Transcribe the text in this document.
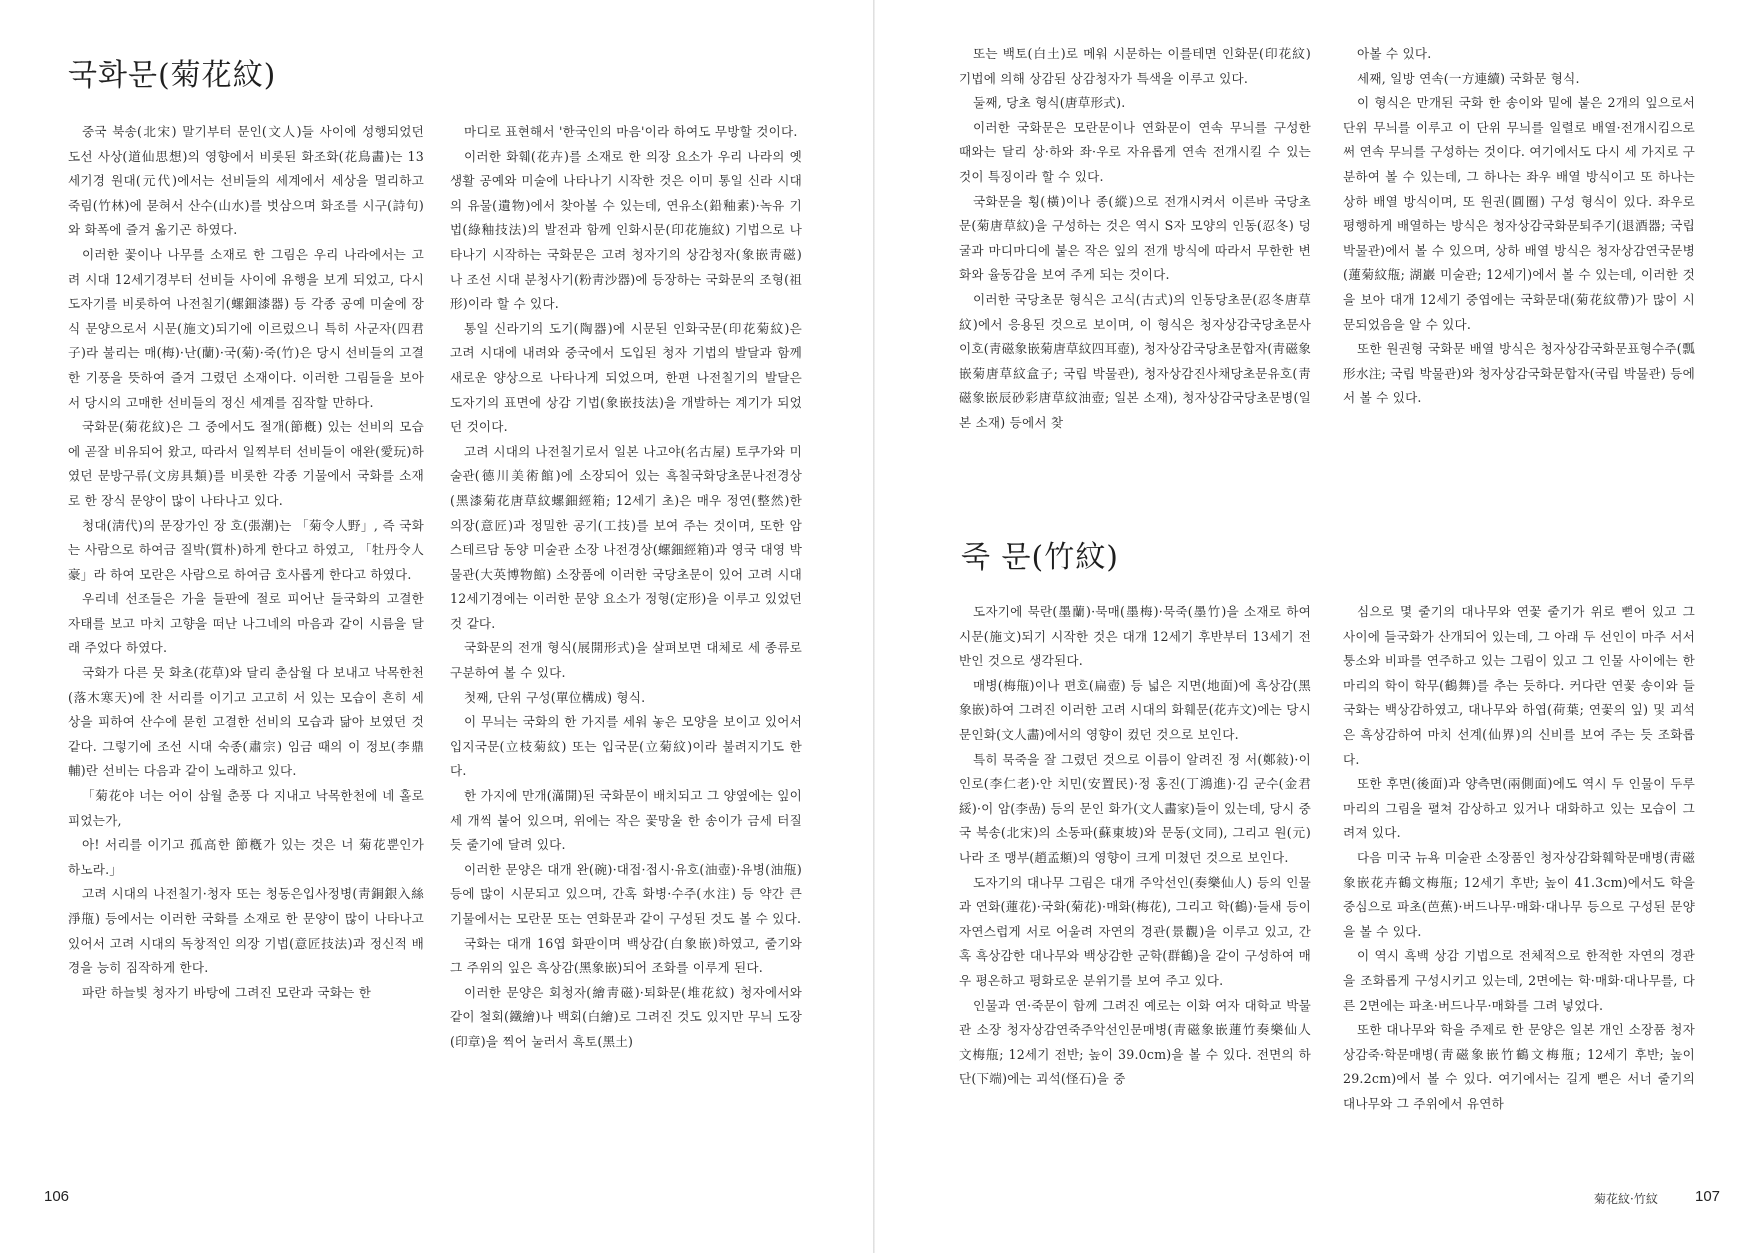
국화문(菊花紋)

중국 북송(北宋) 말기부터 문인(文人)들 사이에 성행되었던 도선 사상(道仙思想)의 영향에서 비롯된 화조화(花鳥畵)는 13세기경 원대(元代)에서는 선비들의 세계에서 세상을 멀리하고 죽림(竹林)에 묻혀서 산수(山水)를 벗삼으며 화조를 시구(詩句)와 화폭에 즐겨 옮기곤 하였다.

이러한 꽃이나 나무를 소재로 한 그림은 우리 나라에서는 고려 시대 12세기경부터 선비들 사이에 유행을 보게 되었고, 다시 도자기를 비롯하여 나전칠기(螺鈿漆器) 등 각종 공예 미술에 장식 문양으로서 시문(施文)되기에 이르렀으니 특히 사군자(四君子)라 불리는 매(梅)·난(蘭)·국(菊)·죽(竹)은 당시 선비들의 고결한 기풍을 뜻하여 즐겨 그렸던 소재이다. 이러한 그림들을 보아서 당시의 고매한 선비들의 정신 세계를 짐작할 만하다.

국화문(菊花紋)은 그 중에서도 절개(節槪) 있는 선비의 모습에 곧잘 비유되어 왔고, 따라서 일찍부터 선비들이 애완(愛玩)하였던 문방구류(文房具類)를 비롯한 각종 기물에서 국화를 소재로 한 장식 문양이 많이 나타나고 있다.

청대(淸代)의 문장가인 장 호(張潮)는 「菊令人野」, 즉 국화는 사람으로 하여금 질박(質朴)하게 한다고 하였고, 「牡丹令人豪」라 하여 모란은 사람으로 하여금 호사롭게 한다고 하였다.

우리네 선조들은 가을 들판에 절로 피어난 들국화의 고결한 자태를 보고 마치 고향을 떠난 나그네의 마음과 같이 시름을 달래 주었다 하였다.

국화가 다른 뭇 화초(花草)와 달리 춘삼월 다 보내고 낙목한천(落木寒天)에 찬 서리를 이기고 고고히 서 있는 모습이 흔히 세상을 피하여 산수에 묻힌 고결한 선비의 모습과 닮아 보였던 것 같다. 그렇기에 조선 시대 숙종(肅宗) 임금 때의 이 정보(李鼎輔)란 선비는 다음과 같이 노래하고 있다.

「菊花야 너는 어이 삼월 춘풍 다 지내고 낙목한천에 네 홀로 피었는가,

아! 서리를 이기고 孤高한 節槪가 있는 것은 너 菊花뿐인가 하노라.」

고려 시대의 나전칠기·청자 또는 청동은입사정병(靑銅銀入絲淨甁) 등에서는 이러한 국화를 소재로 한 문양이 많이 나타나고 있어서 고려 시대의 독창적인 의장 기법(意匠技法)과 정신적 배경을 능히 짐작하게 한다.

파란 하늘빛 청자기 바탕에 그려진 모란과 국화는 한

마디로 표현해서 '한국인의 마음'이라 하여도 무방할 것이다.

이러한 화훼(花卉)를 소재로 한 의장 요소가 우리 나라의 옛 생활 공예와 미술에 나타나기 시작한 것은 이미 통일 신라 시대의 유물(遺物)에서 찾아볼 수 있는데, 연유소(鉛釉素)·녹유 기법(綠釉技法)의 발전과 함께 인화시문(印花施紋) 기법으로 나타나기 시작하는 국화문은 고려 청자기의 상감청자(象嵌靑磁)나 조선 시대 분청사기(粉靑沙器)에 등장하는 국화문의 조형(祖形)이라 할 수 있다.

통일 신라기의 도기(陶器)에 시문된 인화국문(印花菊紋)은 고려 시대에 내려와 중국에서 도입된 청자 기법의 발달과 함께 새로운 양상으로 나타나게 되었으며, 한편 나전칠기의 발달은 도자기의 표면에 상감 기법(象嵌技法)을 개발하는 계기가 되었던 것이다.

고려 시대의 나전칠기로서 일본 나고야(名古屋) 토쿠가와 미술관(德川美術館)에 소장되어 있는 흑칠국화당초문나전경상(黑漆菊花唐草紋螺鈿經箱; 12세기 초)은 매우 정연(整然)한 의장(意匠)과 정밀한 공기(工技)를 보여 주는 것이며, 또한 암스테르담 동양 미술관 소장 나전경상(螺鈿經箱)과 영국 대영 박물관(大英博物館) 소장품에 이러한 국당초문이 있어 고려 시대 12세기경에는 이러한 문양 요소가 정형(定形)을 이루고 있었던 것 같다.

국화문의 전개 형식(展開形式)을 살펴보면 대체로 세 종류로 구분하여 볼 수 있다.

첫째, 단위 구성(單位構成) 형식.

이 무늬는 국화의 한 가지를 세워 놓은 모양을 보이고 있어서 입지국문(立枝菊紋) 또는 입국문(立菊紋)이라 불려지기도 한다.

한 가지에 만개(滿開)된 국화문이 배치되고 그 양옆에는 잎이 세 개씩 붙어 있으며, 위에는 작은 꽃망울 한 송이가 금세 터질 듯 줄기에 달려 있다.

이러한 문양은 대개 완(碗)·대접·접시·유호(油壺)·유병(油甁) 등에 많이 시문되고 있으며, 간혹 화병·수주(水注) 등 약간 큰 기물에서는 모란문 또는 연화문과 같이 구성된 것도 볼 수 있다.

국화는 대개 16엽 화판이며 백상감(白象嵌)하였고, 줄기와 그 주위의 잎은 흑상감(黑象嵌)되어 조화를 이루게 된다.

이러한 문양은 회청자(繪靑磁)·퇴화문(堆花紋) 청자에서와 같이 철회(鐵繪)나 백회(白繪)로 그려진 것도 있지만 무늬 도장(印章)을 찍어 눌러서 흑토(黑土)

106

또는 백토(白土)로 메워 시문하는 이를테면 인화문(印花紋) 기법에 의해 상감된 상감청자가 특색을 이루고 있다.

둘째, 당초 형식(唐草形式).

이러한 국화문은 모란문이나 연화문이 연속 무늬를 구성한 때와는 달리 상·하와 좌·우로 자유롭게 연속 전개시킬 수 있는 것이 특징이라 할 수 있다.

국화문을 횡(橫)이나 종(縱)으로 전개시켜서 이른바 국당초문(菊唐草紋)을 구성하는 것은 역시 S자 모양의 인동(忍冬) 덩굴과 마디마디에 붙은 작은 잎의 전개 방식에 따라서 무한한 변화와 율동감을 보여 주게 되는 것이다.

이러한 국당초문 형식은 고식(古式)의 인동당초문(忍冬唐草紋)에서 응용된 것으로 보이며, 이 형식은 청자상감국당초문사이호(靑磁象嵌菊唐草紋四耳壺), 청자상감국당초문합자(靑磁象嵌菊唐草紋盒子; 국립 박물관), 청자상감진사채당초문유호(靑磁象嵌辰砂彩唐草紋油壺; 일본 소재), 청자상감국당초문병(일본 소재) 등에서 찾

아볼 수 있다.

세째, 일방 연속(一方連續) 국화문 형식.

이 형식은 만개된 국화 한 송이와 밑에 붙은 2개의 잎으로서 단위 무늬를 이루고 이 단위 무늬를 일렬로 배열·전개시킴으로써 연속 무늬를 구성하는 것이다. 여기에서도 다시 세 가지로 구분하여 볼 수 있는데, 그 하나는 좌우 배열 방식이고 또 하나는 상하 배열 방식이며, 또 원권(圓圈) 구성 형식이 있다. 좌우로 평행하게 배열하는 방식은 청자상감국화문퇴주기(退酒器; 국립 박물관)에서 볼 수 있으며, 상하 배열 방식은 청자상감연국문병(蓮菊紋甁; 湖巖 미술관; 12세기)에서 볼 수 있는데, 이러한 것을 보아 대개 12세기 중엽에는 국화문대(菊花紋帶)가 많이 시문되었음을 알 수 있다.

또한 원권형 국화문 배열 방식은 청자상감국화문표형수주(瓢形水注; 국립 박물관)와 청자상감국화문합자(국립 박물관) 등에서 볼 수 있다.

죽 문(竹紋)

도자기에 묵란(墨蘭)·묵매(墨梅)·묵죽(墨竹)을 소재로 하여 시문(施文)되기 시작한 것은 대개 12세기 후반부터 13세기 전반인 것으로 생각된다.

매병(梅甁)이나 편호(扁壺) 등 넓은 지면(地面)에 흑상감(黑象嵌)하여 그려진 이러한 고려 시대의 화훼문(花卉文)에는 당시 문인화(文人畵)에서의 영향이 컸던 것으로 보인다.

특히 묵죽을 잘 그렸던 것으로 이름이 알려진 정 서(鄭敍)·이 인로(李仁老)·안 치민(安置民)·정 홍진(丁鴻進)·김 군수(金君綏)·이 암(李嵒) 등의 문인 화가(文人畵家)들이 있는데, 당시 중국 북송(北宋)의 소동파(蘇東坡)와 문동(文同), 그리고 원(元) 나라 조 맹부(趙孟頫)의 영향이 크게 미쳤던 것으로 보인다.

도자기의 대나무 그림은 대개 주악선인(奏樂仙人) 등의 인물과 연화(蓮花)·국화(菊花)·매화(梅花), 그리고 학(鶴)·들새 등이 자연스럽게 서로 어울려 자연의 경관(景觀)을 이루고 있고, 간혹 흑상감한 대나무와 백상감한 군학(群鶴)을 같이 구성하여 매우 평온하고 평화로운 분위기를 보여 주고 있다.

인물과 연·죽문이 함께 그려진 예로는 이화 여자 대학교 박물관 소장 청자상감연죽주악선인문매병(靑磁象嵌蓮竹奏樂仙人文梅甁; 12세기 전반; 높이 39.0cm)을 볼 수 있다. 전면의 하단(下端)에는 괴석(怪石)을 중

심으로 몇 줄기의 대나무와 연꽃 줄기가 위로 뻗어 있고 그 사이에 들국화가 산개되어 있는데, 그 아래 두 선인이 마주 서서 퉁소와 비파를 연주하고 있는 그림이 있고 그 인물 사이에는 한 마리의 학이 학무(鶴舞)를 추는 듯하다. 커다란 연꽃 송이와 들국화는 백상감하였고, 대나무와 하엽(荷葉; 연꽃의 잎) 및 괴석은 흑상감하여 마치 선계(仙界)의 신비를 보여 주는 듯 조화롭다.

또한 후면(後面)과 양측면(兩側面)에도 역시 두 인물이 두루마리의 그림을 펼쳐 감상하고 있거나 대화하고 있는 모습이 그려져 있다.

다음 미국 뉴욕 미술관 소장품인 청자상감화훼학문매병(靑磁象嵌花卉鶴文梅甁; 12세기 후반; 높이 41.3cm)에서도 학을 중심으로 파초(芭蕉)·버드나무·매화·대나무 등으로 구성된 문양을 볼 수 있다.

이 역시 흑백 상감 기법으로 전체적으로 한적한 자연의 경관을 조화롭게 구성시키고 있는데, 2면에는 학·매화·대나무를, 다른 2면에는 파초·버드나무·매화를 그려 넣었다.

또한 대나무와 학을 주제로 한 문양은 일본 개인 소장품 청자상감죽·학문매병(靑磁象嵌竹鶴文梅甁; 12세기 후반; 높이 29.2cm)에서 볼 수 있다. 여기에서는 길게 뻗은 서너 줄기의 대나무와 그 주위에서 유연하

菊花紋·竹紋 107
